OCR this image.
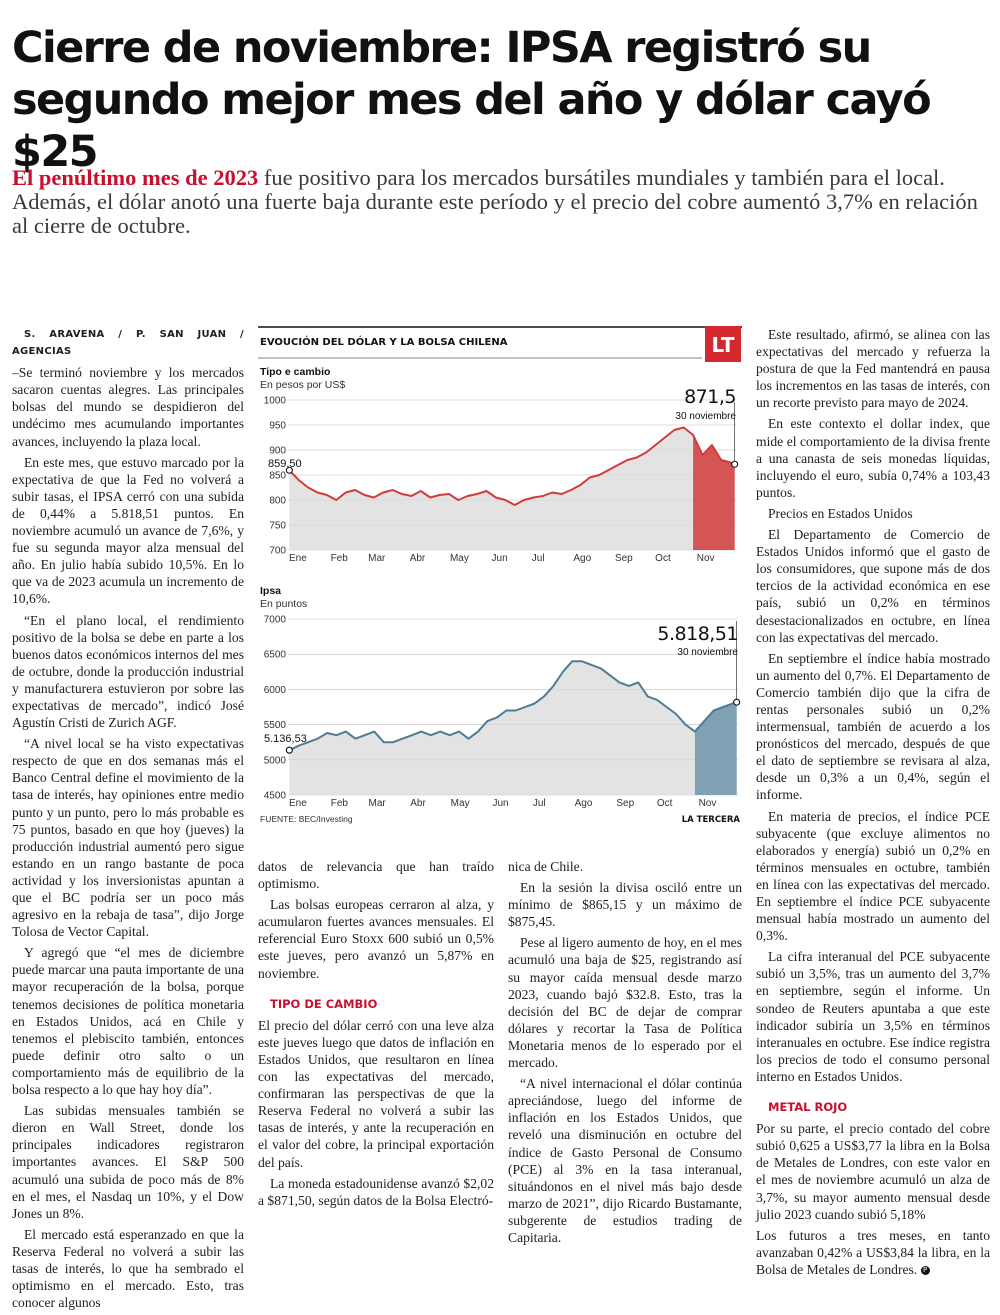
Cierre de noviembre: IPSA registró su
segundo mejor mes del año y dólar cayó $25
El penúltimo mes de 2023 fue positivo para los mercados bursátiles mundiales y también para el local. Además, el dólar anotó una fuerte baja durante este período y el precio del cobre aumentó 3,7% en relación al cierre de octubre.

S. ARAVENA / P. SAN JUAN / AGENCIAS

–Se terminó noviembre y los mercados sacaron cuentas alegres. Las principales bolsas del mundo se despidieron del undécimo mes acumulando importantes avances, incluyendo la plaza local.

En este mes, que estuvo marcado por la expectativa de que la Fed no volverá a subir tasas, el IPSA cerró con una subida de 0,44% a 5.818,51 puntos. En noviembre acumuló un avance de 7,6%, y fue su segunda mayor alza mensual del año. En julio había subido 10,5%. En lo que va de 2023 acumula un incremento de 10,6%.

“En el plano local, el rendimiento positivo de la bolsa se debe en parte a los buenos datos económicos internos del mes de octubre, donde la producción industrial y manufacturera estuvieron por sobre las expectativas de mercado”, indicó José Agustín Cristi de Zurich AGF.

“A nivel local se ha visto expectativas respecto de que en dos semanas más el Banco Central define el movimiento de la tasa de interés, hay opiniones entre medio punto y un punto, pero lo más probable es 75 puntos, basado en que hoy (jueves) la producción industrial aumentó pero sigue estando en un rango bastante de poca actividad y los inversionistas apuntan a que el BC podría ser un poco más agresivo en la rebaja de tasa”, dijo Jorge Tolosa de Vector Capital.

Y agregó que “el mes de diciembre puede marcar una pauta importante de una mayor recuperación de la bolsa, porque tenemos decisiones de política monetaria en Estados Unidos, acá en Chile y tenemos el plebiscito también, entonces puede definir otro salto o un comportamiento más de equilibrio de la bolsa respecto a lo que hay hoy día”.

Las subidas mensuales también se dieron en Wall Street, donde los principales indicadores registraron importantes avances. El S&P 500 acumuló una subida de poco más de 8% en el mes, el Nasdaq un 10%, y el Dow Jones un 8%.

El mercado está esperanzado en que la Reserva Federal no volverá a subir las tasas de interés, lo que ha sembrado el optimismo en el mercado. Esto, tras conocer algunos

EVOUCIÓN DEL DÓLAR Y LA BOLSA CHILENA	LT
Tipo e cambio
En pesos por US$
700
750
800
850
900
950
1000
Ene Feb Mar Abr May Jun Jul	Ago Sep Oct	Nov
871,5
30 noviembre
859,50
Ipsa
En puntos
4500
5000
5500
6000
6500
7000
Ene Feb Mar Abr May Jun Jul	Ago Sep Oct	Nov
5.818,51
30 noviembre
5.136,53
FUENTE: BEC/Investing	LA TERCERA

datos de relevancia que han traído optimismo.

Las bolsas europeas cerraron al alza, y acumularon fuertes avances mensuales. El referencial Euro Stoxx 600 subió un 0,5% este jueves, pero avanzó un 5,87% en noviembre.

TIPO DE CAMBIO

El precio del dólar cerró con una leve alza este jueves luego que datos de inflación en Estados Unidos, que resultaron en línea con las expectativas del mercado, confirmaran las perspectivas de que la Reserva Federal no volverá a subir las tasas de interés, y ante la recuperación en el valor del cobre, la principal exportación del país.

La moneda estadounidense avanzó $2,02 a $871,50, según datos de la Bolsa Electró-

nica de Chile.

En la sesión la divisa osciló entre un mínimo de $865,15 y un máximo de $875,45.

Pese al ligero aumento de hoy, en el mes acumuló una baja de $25, registrando así su mayor caída mensual desde marzo 2023, cuando bajó $32.8. Esto, tras la decisión del BC de dejar de comprar dólares y recortar la Tasa de Política Monetaria menos de lo esperado por el mercado.

“A nivel internacional el dólar continúa apreciándose, luego del informe de inflación en los Estados Unidos, que reveló una disminución en octubre del índice de Gasto Personal de Consumo (PCE) al 3% en la tasa interanual, situándonos en el nivel más bajo desde marzo de 2021”, dijo Ricardo Bustamante, subgerente de estudios trading de Capitaria.

Este resultado, afirmó, se alinea con las expectativas del mercado y refuerza la postura de que la Fed mantendrá en pausa los incrementos en las tasas de interés, con un recorte previsto para mayo de 2024.

En este contexto el dollar index, que mide el comportamiento de la divisa frente a una canasta de seis monedas líquidas, incluyendo el euro, subía 0,74% a 103,43 puntos.

Precios en Estados Unidos

El Departamento de Comercio de Estados Unidos informó que el gasto de los consumidores, que supone más de dos tercios de la actividad económica en ese país, subió un 0,2% en términos desestacionalizados en octubre, en línea con las expectativas del mercado.

En septiembre el índice había mostrado un aumento del 0,7%. El Departamento de Comercio también dijo que la cifra de rentas personales subió un 0,2% intermensual, también de acuerdo a los pronósticos del mercado, después de que el dato de septiembre se revisara al alza, desde un 0,3% a un 0,4%, según el informe.

En materia de precios, el índice PCE subyacente (que excluye alimentos no elaborados y energía) subió un 0,2% en términos mensuales en octubre, también en línea con las expectativas del mercado. En septiembre el índice PCE subyacente mensual había mostrado un aumento del 0,3%.

La cifra interanual del PCE subyacente subió un 3,5%, tras un aumento del 3,7% en septiembre, según el informe. Un sondeo de Reuters apuntaba a que este indicador subiría un 3,5% en términos interanuales en octubre. Ese índice registra los precios de todo el consumo personal interno en Estados Unidos.

METAL ROJO

Por su parte, el precio contado del cobre subió 0,625 a US$3,77 la libra en la Bolsa de Metales de Londres, con este valor en el mes de noviembre acumuló un alza de 3,7%, su mayor aumento mensual desde julio 2023 cuando subió 5,18%

Los futuros a tres meses, en tanto avanzaban 0,42% a US$3,84 la libra, en la Bolsa de Metales de Londres. P
